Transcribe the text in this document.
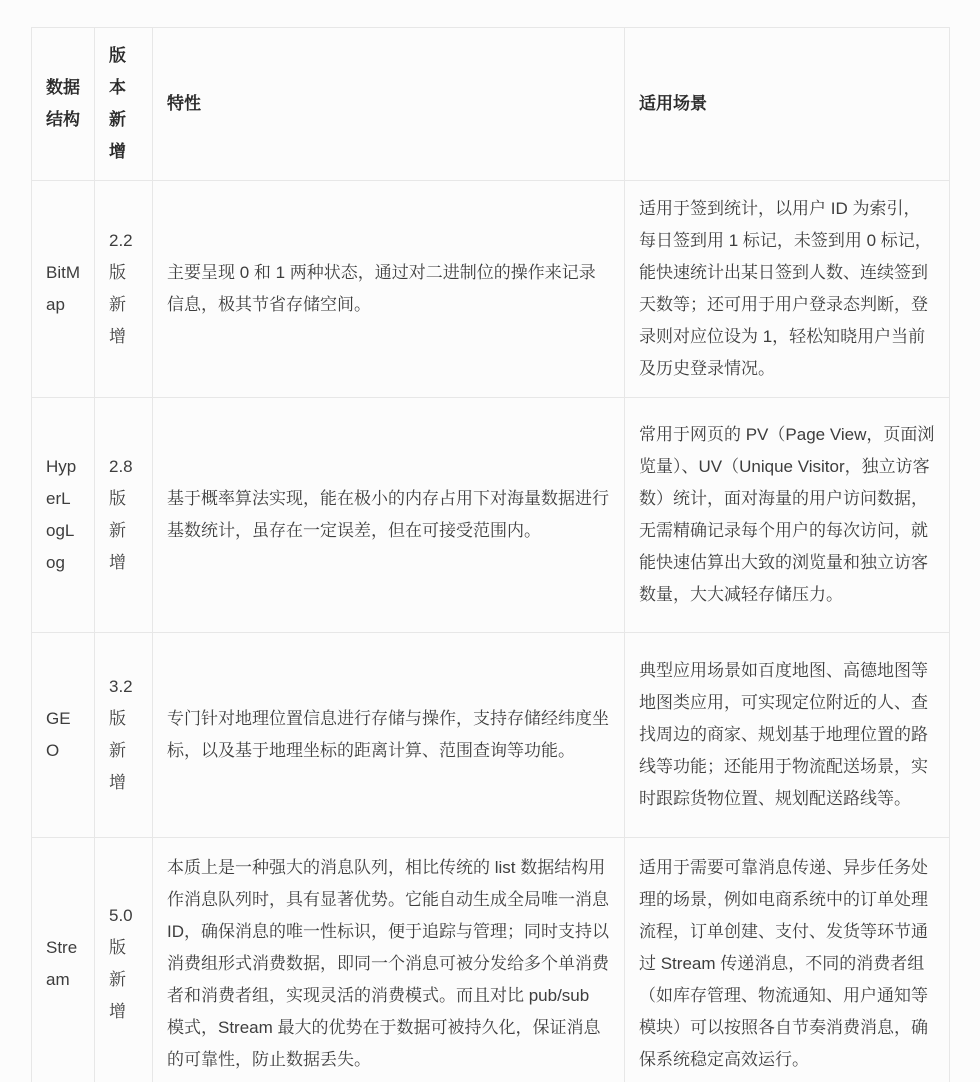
数据结构	版本新增	特性	适用场景
BitMap	2.2 版新增	主要呈现 0 和 1 两种状态，通过对二进制位的操作来记录信息，极其节省存储空间。	适用于签到统计，以用户 ID 为索引，每日签到用 1 标记，未签到用 0 标记，能快速统计出某日签到人数、连续签到天数等；还可用于用户登录态判断，登录则对应位设为 1，轻松知晓用户当前及历史登录情况。
HyperLogLog	2.8 版新增	基于概率算法实现，能在极小的内存占用下对海量数据进行基数统计，虽存在一定误差，但在可接受范围内。	常用于网页的 PV（Page View，页面浏览量）、UV（Unique Visitor，独立访客数）统计，面对海量的用户访问数据，无需精确记录每个用户的每次访问，就能快速估算出大致的浏览量和独立访客数量，大大减轻存储压力。
GEO	3.2 版新增	专门针对地理位置信息进行存储与操作，支持存储经纬度坐标，以及基于地理坐标的距离计算、范围查询等功能。	典型应用场景如百度地图、高德地图等地图类应用，可实现定位附近的人、查找周边的商家、规划基于地理位置的路线等功能；还能用于物流配送场景，实时跟踪货物位置、规划配送路线等。
Stream	5.0 版新增	本质上是一种强大的消息队列，相比传统的 list 数据结构用作消息队列时，具有显著优势。它能自动生成全局唯一消息 ID，确保消息的唯一性标识，便于追踪与管理；同时支持以消费组形式消费数据，即同一个消息可被分发给多个单消费者和消费者组，实现灵活的消费模式。而且对比 pub/sub 模式，Stream 最大的优势在于数据可被持久化，保证消息的可靠性，防止数据丢失。	适用于需要可靠消息传递、异步任务处理的场景，例如电商系统中的订单处理流程，订单创建、支付、发货等环节通过 Stream 传递消息，不同的消费者组（如库存管理、物流通知、用户通知等模块）可以按照各自节奏消费消息，确保系统稳定高效运行。
